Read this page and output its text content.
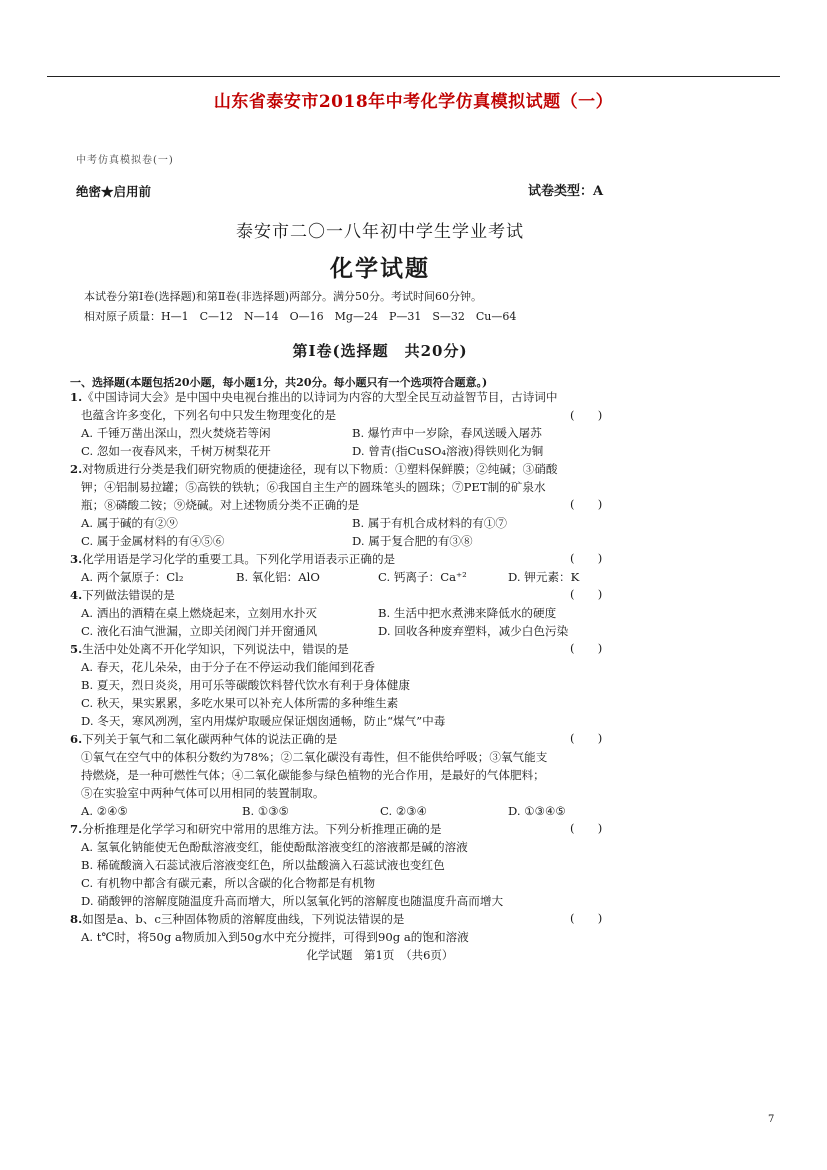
山东省泰安市2018年中考化学仿真模拟试题（一）
中考仿真模拟卷(一)
绝密★启用前	试卷类型：A
泰安市二〇一八年初中学生学业考试
化学试题
本试卷分第Ⅰ卷(选择题)和第Ⅱ卷(非选择题)两部分。满分50分。考试时间60分钟。
相对原子质量：H—1　C—12　N—14　O—16　Mg—24　P—31　S—32　Cu—64
第Ⅰ卷(选择题　共20分)
一、选择题(本题包括20小题，每小题1分，共20分。每小题只有一个选项符合题意。)
1.《中国诗词大会》是中国中央电视台推出的以诗词为内容的大型全民互动益智节目，古诗词中
也蕴含许多变化，下列名句中只发生物理变化的是	(　　)
A. 千锤万凿出深山，烈火焚烧若等闲	B. 爆竹声中一岁除，春风送暖入屠苏
C. 忽如一夜春风来，千树万树梨花开	D. 曾青(指CuSO₄溶液)得铁则化为铜
2.对物质进行分类是我们研究物质的便捷途径，现有以下物质：①塑料保鲜膜；②纯碱；③硝酸
钾；④铝制易拉罐；⑤高铁的铁轨；⑥我国自主生产的圆珠笔头的圆珠；⑦PET制的矿泉水
瓶；⑧磷酸二铵；⑨烧碱。对上述物质分类不正确的是	(　　)
A. 属于碱的有②⑨	B. 属于有机合成材料的有①⑦
C. 属于金属材料的有④⑤⑥	D. 属于复合肥的有③⑧
3.化学用语是学习化学的重要工具。下列化学用语表示正确的是	(　　)
A. 两个氯原子：Cl₂	B. 氧化铝：AlO	C. 钙离子：Ca⁺²	D. 钾元素：K
4.下列做法错误的是	(　　)
A. 洒出的酒精在桌上燃烧起来，立刻用水扑灭	B. 生活中把水煮沸来降低水的硬度
C. 液化石油气泄漏，立即关闭阀门并开窗通风	D. 回收各种废弃塑料，减少白色污染
5.生活中处处离不开化学知识，下列说法中，错误的是	(　　)
A. 春天，花儿朵朵，由于分子在不停运动我们能闻到花香
B. 夏天，烈日炎炎，用可乐等碳酸饮料替代饮水有利于身体健康
C. 秋天，果实累累，多吃水果可以补充人体所需的多种维生素
D. 冬天，寒风冽冽，室内用煤炉取暖应保证烟囱通畅，防止“煤气”中毒
6.下列关于氧气和二氧化碳两种气体的说法正确的是	(　　)
①氧气在空气中的体积分数约为78%；②二氧化碳没有毒性，但不能供给呼吸；③氧气能支
持燃烧，是一种可燃性气体；④二氧化碳能参与绿色植物的光合作用，是最好的气体肥料；
⑤在实验室中两种气体可以用相同的装置制取。
A. ②④⑤	B. ①③⑤	C. ②③④	D. ①③④⑤
7.分析推理是化学学习和研究中常用的思维方法。下列分析推理正确的是	(　　)
A. 氢氧化钠能使无色酚酞溶液变红，能使酚酞溶液变红的溶液都是碱的溶液
B. 稀硫酸滴入石蕊试液后溶液变红色，所以盐酸滴入石蕊试液也变红色
C. 有机物中都含有碳元素，所以含碳的化合物都是有机物
D. 硝酸钾的溶解度随温度升高而增大，所以氢氧化钙的溶解度也随温度升高而增大
8.如图是a、b、c三种固体物质的溶解度曲线，下列说法错误的是	(　　)
A. t℃时，将50g a物质加入到50g水中充分搅拌，可得到90g a的饱和溶液
化学试题　第1页　（共6页）
7
